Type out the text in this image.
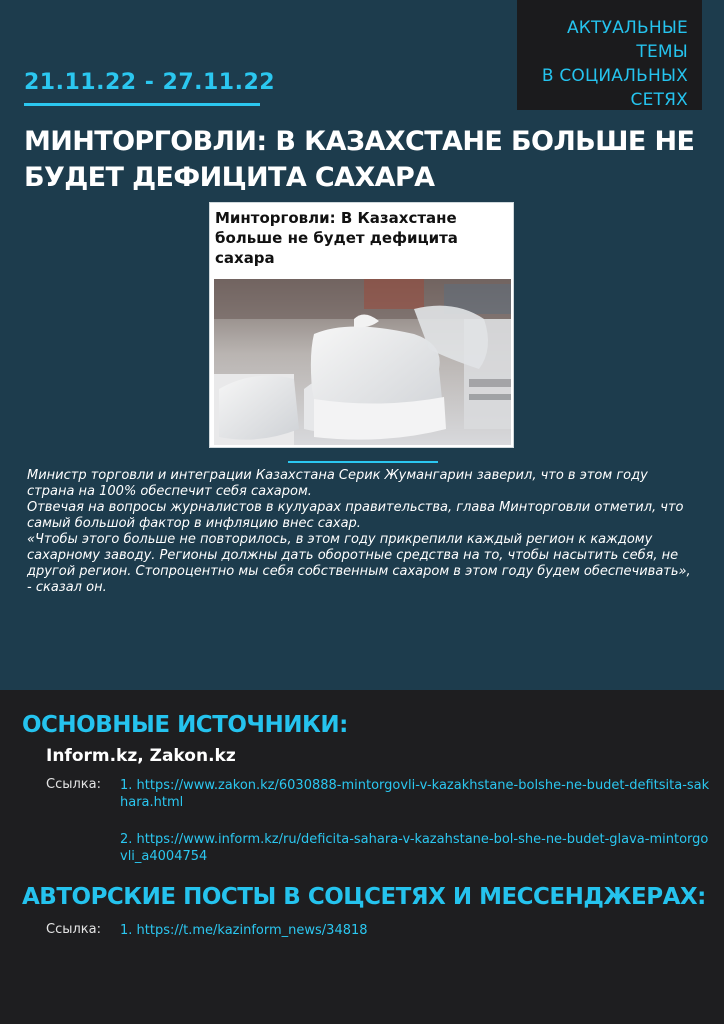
АКТУАЛЬНЫЕ ТЕМЫ
В СОЦИАЛЬНЫХ
СЕТЯХ
21.11.22 - 27.11.22
МИНТОРГОВЛИ: В КАЗАХСТАНЕ БОЛЬШЕ НЕ БУДЕТ ДЕФИЦИТА САХАРА
Минторговли: В Казахстане больше не будет дефицита сахара

Министр торговли и интеграции Казахстана Серик Жумангарин заверил, что в этом году страна на 100% обеспечит себя сахаром.

Отвечая на вопросы журналистов в кулуарах правительства, глава Минторговли отметил, что самый большой фактор в инфляцию внес сахар.

«Чтобы этого больше не повторилось, в этом году прикрепили каждый регион к каждому сахарному заводу. Регионы должны дать оборотные средства на то, чтобы насытить себя, не другой регион. Стопроцентно мы себя собственным сахаром в этом году будем обеспечивать», - сказал он.

ОСНОВНЫЕ ИСТОЧНИКИ:
Inform.kz, Zakon.kz
Ссылка: 1. https://www.zakon.kz/6030888-mintorgovli-v-kazakhstane-bolshe-ne-budet-defitsita-sakhara.html
2. https://www.inform.kz/ru/deficita-sahara-v-kazahstane-bol-she-ne-budet-glava-mintorgovli_a4004754
АВТОРСКИЕ ПОСТЫ В СОЦСЕТЯХ И МЕССЕНДЖЕРАХ:
Ссылка: 1. https://t.me/kazinform_news/34818
